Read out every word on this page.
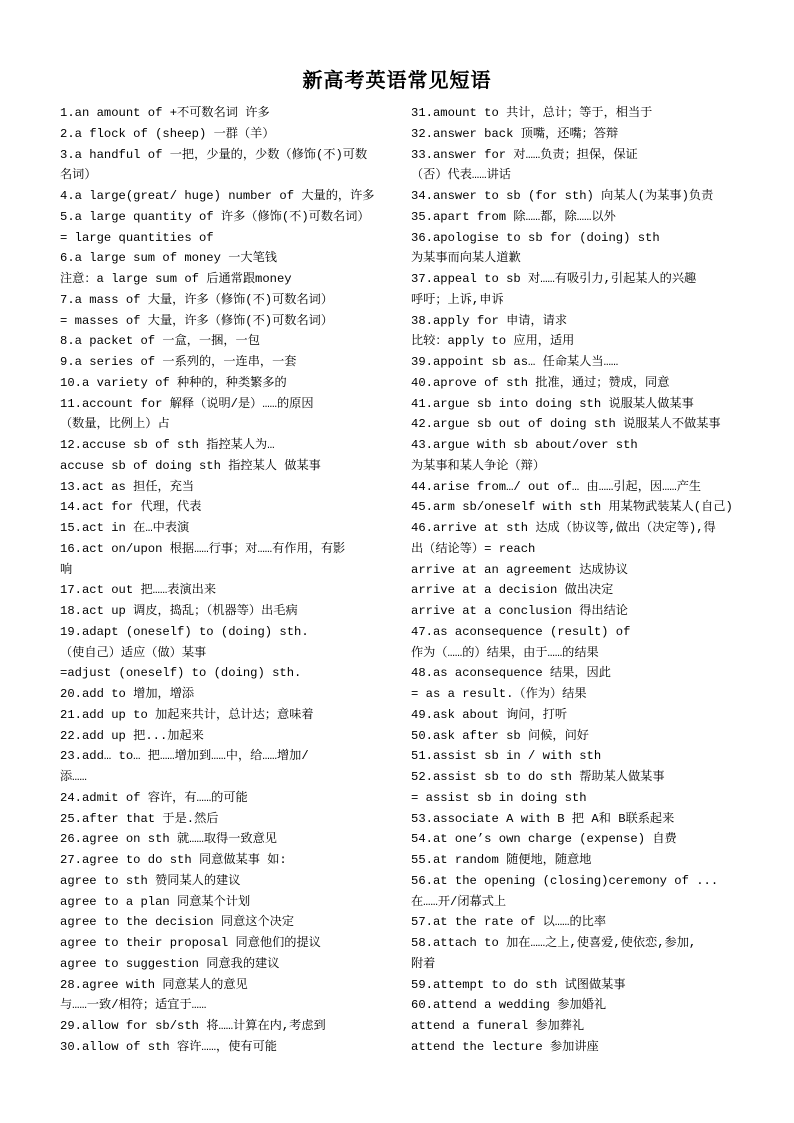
新高考英语常见短语
1.an amount of +不可数名词 许多
2.a flock of (sheep) 一群（羊）
3.a handful of 一把，少量的，少数（修饰(不)可数
名词）
4.a large(great/ huge) number of 大量的，许多
5.a large quantity of 许多（修饰(不)可数名词）
= large quantities of
6.a large sum of money 一大笔钱
注意：a large sum of 后通常跟money
7.a mass of 大量，许多（修饰(不)可数名词）
= masses of 大量，许多（修饰(不)可数名词）
8.a packet of 一盒，一捆，一包
9.a series of 一系列的，一连串，一套
10.a variety of 种种的，种类繁多的
11.account for 解释（说明/是）……的原因
（数量，比例上）占
12.accuse sb of sth 指控某人为…
accuse sb of doing sth 指控某人 做某事
13.act as 担任，充当
14.act for 代理，代表
15.act in 在…中表演
16.act on/upon 根据……行事；对……有作用，有影
响
17.act out 把……表演出来
18.act up 调皮，捣乱；（机器等）出毛病
19.adapt (oneself) to (doing) sth.
（使自己）适应（做）某事
=adjust (oneself) to (doing) sth.
20.add to 增加，增添
21.add up to 加起来共计，总计达；意味着
22.add up 把...加起来
23.add… to… 把……增加到……中，给……增加/
添……
24.admit of 容许，有……的可能
25.after that 于是.然后
26.agree on sth 就……取得一致意见
27.agree to do sth 同意做某事 如:
agree to sth 赞同某人的建议
agree to a plan 同意某个计划
agree to the decision 同意这个决定
agree to their proposal 同意他们的提议
agree to suggestion 同意我的建议
28.agree with 同意某人的意见
与……一致/相符；适宜于……
29.allow for sb/sth 将……计算在内,考虑到
30.allow of sth 容许……，使有可能
31.amount to 共计，总计；等于，相当于
32.answer back 顶嘴，还嘴；答辩
33.answer for 对……负责；担保，保证
（否）代表……讲话
34.answer to sb (for sth) 向某人(为某事)负责
35.apart from 除……都，除……以外
36.apologise to sb for (doing) sth
为某事而向某人道歉
37.appeal to sb 对……有吸引力,引起某人的兴趣
呼吁；上诉,申诉
38.apply for 申请，请求
比较：apply to 应用，适用
39.appoint sb as… 任命某人当……
40.aprove of sth 批准，通过；赞成，同意
41.argue sb into doing sth 说服某人做某事
42.argue sb out of doing sth 说服某人不做某事
43.argue with sb about/over sth
为某事和某人争论（辩）
44.arise from…/ out of… 由……引起，因……产生
45.arm sb/oneself with sth 用某物武装某人(自己)
46.arrive at sth 达成（协议等,做出（决定等),得
出（结论等）= reach
arrive at an agreement 达成协议
arrive at a decision 做出决定
arrive at a conclusion 得出结论
47.as aconsequence (result) of
作为（……的）结果，由于……的结果
48.as aconsequence 结果，因此
= as a result.（作为）结果
49.ask about 询问，打听
50.ask after sb 问候，问好
51.assist sb in / with sth
52.assist sb to do sth 帮助某人做某事
= assist sb in doing sth
53.associate A with B 把 A和 B联系起来
54.at one’s own charge (expense) 自费
55.at random 随便地，随意地
56.at the opening (closing)ceremony of ...
在……开/闭幕式上
57.at the rate of 以……的比率
58.attach to 加在……之上,使喜爱,使依恋,参加,
附着
59.attempt to do sth 试图做某事
60.attend a wedding 参加婚礼
attend a funeral 参加葬礼
attend the lecture 参加讲座
